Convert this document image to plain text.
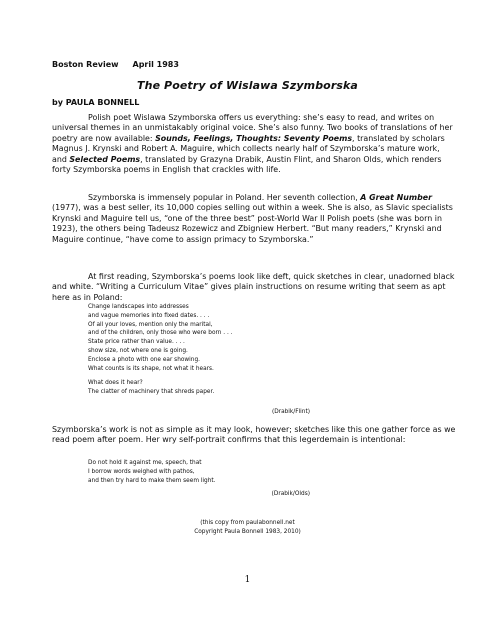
Boston Review April 1983
The Poetry of Wislawa Szymborska
by PAULA BONNELL

Polish poet Wislawa Szymborska offers us everything: she’s easy to read, and writes on universal themes in an unmistakably original voice. She’s also funny. Two books of translations of her poetry are now available: Sounds, Feelings, Thoughts: Seventy Poems, translated by scholars Magnus J. Krynski and Robert A. Maguire, which collects nearly half of Szymborska’s mature work, and Selected Poems, translated by Grazyna Drabik, Austin Flint, and Sharon Olds, which renders forty Szymborska poems in English that crackles with life.

Szymborska is immensely popular in Poland. Her seventh collection, A Great Number (1977), was a best seller, its 10,000 copies selling out within a week. She is also, as Slavic specialists Krynski and Maguire tell us, “one of the three best” post-World War II Polish poets (she was born in 1923), the others being Tadeusz Rozewicz and Zbigniew Herbert. “But many readers,” Krynski and Maguire continue, “have come to assign primacy to Szymborska.”

At first reading, Szymborska’s poems look like deft, quick sketches in clear, unadorned black and white. “Writing a Curriculum Vitae” gives plain instructions on resume writing that seem as apt here as in Poland:

Change landscapes into addresses
and vague memories into fixed dates. . . .
Of all your loves, mention only the marital,
and of the children, only those who were born . . .
State price rather than value. . . .
show size, not where one is going.
Enclose a photo with one ear showing.
What counts is its shape, not what it hears.
What does it hear?
The clatter of machinery that shreds paper.
(Drabik/Flint)

Szymborska’s work is not as simple as it may look, however; sketches like this one gather force as we read poem after poem. Her wry self-portrait confirms that this legerdemain is intentional:

Do not hold it against me, speech, that
I borrow words weighed with pathos,
and then try hard to make them seem light.
(Drabik/Olds)
(this copy from paulabonnell.net
Copyright Paula Bonnell 1983, 2010)
1
